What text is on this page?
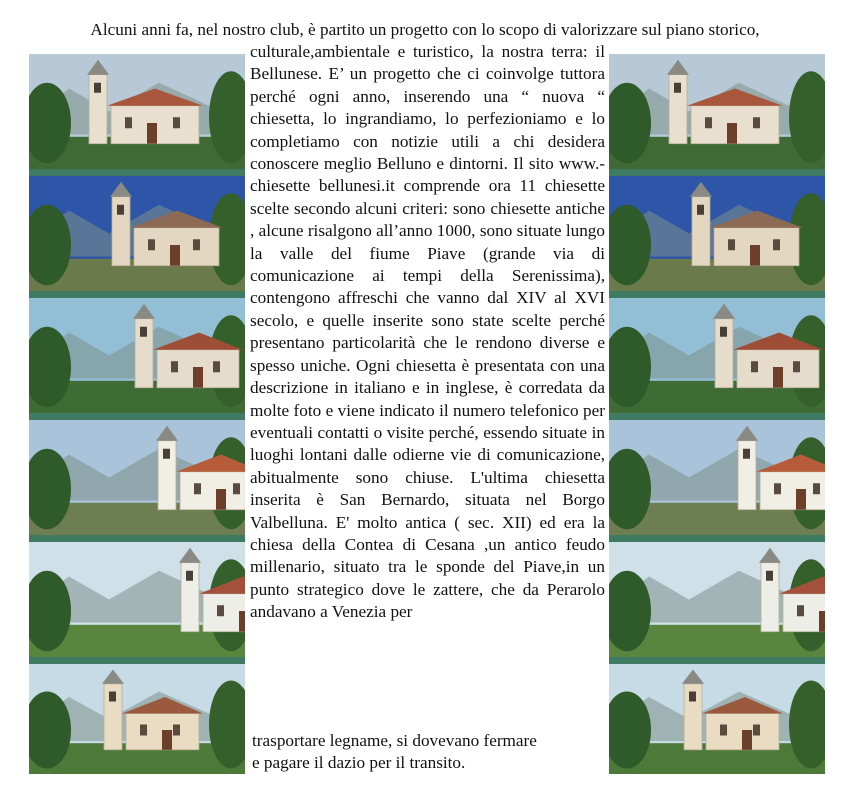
Alcuni anni fa, nel nostro club, è partito un progetto con lo scopo di valorizzare sul piano storico,

culturale,ambientale e turistico, la nostra terra: il Bellunese. E’ un progetto che ci coinvolge tuttora perché ogni anno, inserendo una “ nuova “ chiesetta, lo ingrandiamo, lo perfezioniamo e lo completiamo con notizie utili a chi desidera conoscere meglio Belluno e dintorni. Il sito www.-chiesette bellunesi.it comprende ora 11 chiesette scelte secondo alcuni criteri: sono chiesette antiche , alcune risalgono all’anno 1000, sono situate lungo la valle del fiume Piave (grande via di comunicazione ai tempi della Serenissima), contengono affreschi che vanno dal XIV al XVI secolo, e quelle inserite sono state scelte perché presentano particolarità che le rendono diverse e spesso uniche. Ogni chiesetta è presentata con una descrizione in italiano e in inglese, è corredata da molte foto e viene indicato il numero telefonico per eventuali contatti o visite perché, essendo situate in luoghi lontani dalle odierne vie di comunicazione, abitualmente sono chiuse. L'ultima chiesetta inserita è San Bernardo, situata nel Borgo Valbelluna. E' molto antica ( sec. XII) ed era la chiesa della Contea di Cesana ,un antico feudo millenario, situato tra le sponde del Piave,in un punto strategico dove le zattere, che da Perarolo andavano a Venezia per

trasportare legname, si dovevano fermare
e pagare il dazio per il transito.
